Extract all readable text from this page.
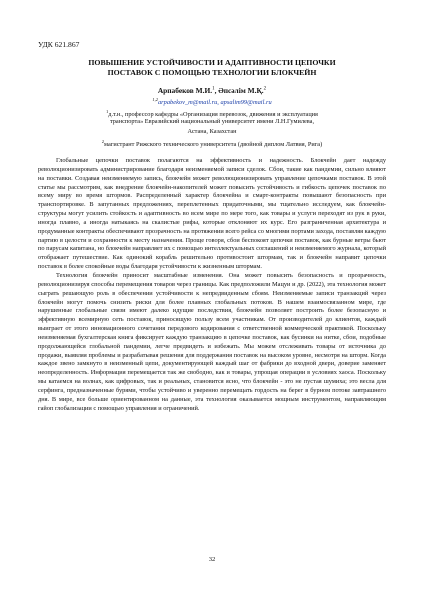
УДК 621.867
ПОВЫШЕНИЕ УСТОЙЧИВОСТИ И АДАПТИВНОСТИ ЦЕПОЧКИ
ПОСТАВОК С ПОМОЩЬЮ ТЕХНОЛОГИИ БЛОКЧЕЙН
Арпабеков М.И.$^1$, Әпсәлім М.Қ.$^2$
$^{1,2}$arpabekov_m@mail.ru, apsalim99@mail.ru
$^1$д.т.н., профессор кафедры «Организация перевозок, движения и эксплуатация
транспорта» Евразийский национальный университет имени Л.Н.Гумилева,
Астана, Казахстан
$^2$магистрант Рижского технического университета (двойной диплом Латвия, Рига)

Глобальные цепочки поставок полагаются на эффективность и надежность. Блокчейн дает надежду революционизировать администрирование благодаря неизменяемой записи сделок. Сбои, такие как пандемии, сильно влияют на поставки. Создавая неизменяемую запись, блокчейн может революционизировать управление цепочками поставок. В этой статье мы рассмотрим, как внедрение блокчейн-накопителей может повысить устойчивость и гибкость цепочек поставок по всему миру во время штормов. Распределенный характер блокчейна и смарт-контракты повышают безопасность при транспортировке. В запутанных предложениях, переплетенных придаточными, мы тщательно исследуем, как блокчейн-структуры могут усилить стойкость и адаптивность во всем мире по мере того, как товары и услуги переходят из рук в руки, иногда плавно, а иногда натыкаясь на скалистые рифы, которые отклоняют их курс. Его разграниченная архитектура и продуманные контракты обеспечивают прозрачность на протяжении всего рейса со многими портами захода, поставляя каждую партию в целости и сохранности к месту назначения. Проще говоря, сбои беспокоят цепочки поставок, как бурные ветры бьют по парусам капитана, но блокчейн направляет их с помощью интеллектуальных соглашений и неизменяемого журнала, который отображает путешествие. Как одинокий корабль решительно противостоит штормам, так и блокчейн направит цепочки поставок в более спокойные воды благодаря устойчивости к жизненным штормам.

Технология блокчейн приносит масштабные изменения. Она может повысить безопасность и прозрачность, революционизируя способы перемещения товаров через границы. Как предположили Мацуи и др. (2022), эта технология может сыграть решающую роль в обеспечении устойчивости к непредвиденным сбоям. Неизменяемые записи транзакций через блокчейн могут помочь снизить риски для более плавных глобальных потоков. В нашем взаимосвязанном мире, где нарушенные глобальные связи имеют далеко идущие последствия, блокчейн позволяет построить более безопасную и эффективную всемирную сеть поставок, приносящую пользу всем участникам. От производителей до клиентов, каждый выиграет от этого инновационного сочетания передового кодирования с ответственной коммерческой практикой. Поскольку неизменяемая бухгалтерская книга фиксирует каждую транзакцию в цепочке поставок, как бусинки на нитке, сбои, подобные продолжающейся глобальной пандемии, легче предвидеть и избежать. Мы можем отслеживать товары от источника до продажи, выявляя проблемы и разрабатывая решения для поддержания поставок на высоком уровне, несмотря на шторм. Когда каждое звено замкнуто в неизменный цепи, документирующей каждый шаг от фабрики до входной двери, доверие заменяет неопределенность. Информация перемещается так же свободно, как и товары, упрощая операции в условиях хаоса. Поскольку мы катаемся на волнах, как цифровых, так и реальных, становится ясно, что блокчейн - это не пустая шумиха; это весла для серфинга, предназначенные бурями, чтобы устойчиво и уверенно перемещать гордость на берег в бурном потоке завтрашнего дня. В мире, все больше ориентированном на данные, эта технология оказывается мощным инструментом, направляющим гайоп глобализации с помощью управления и ограничений.

32
